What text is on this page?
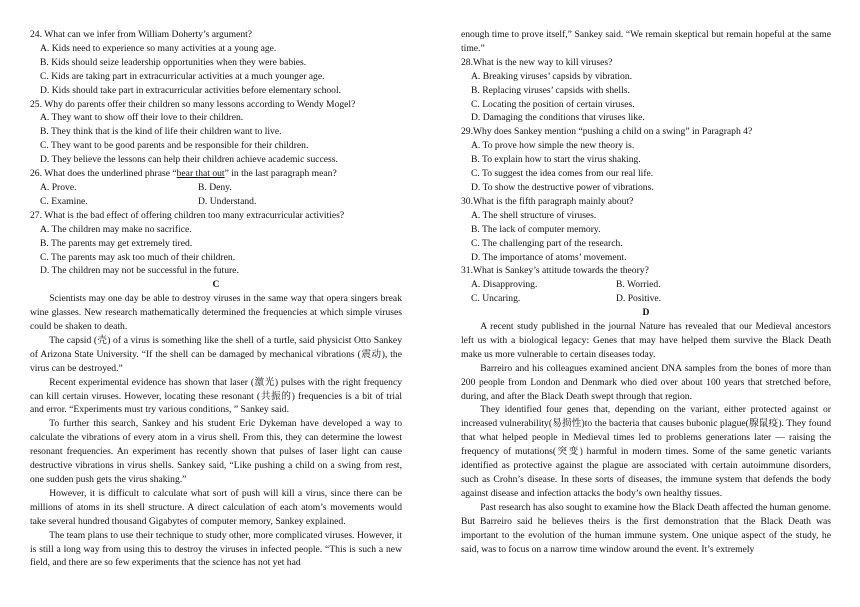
24. What can we infer from William Doherty’s argument?
A. Kids need to experience so many activities at a young age.
B. Kids should seize leadership opportunities when they were babies.
C. Kids are taking part in extracurricular activities at a much younger age.
D. Kids should take part in extracurricular activities before elementary school.
25. Why do parents offer their children so many lessons according to Wendy Mogel?
A. They want to show off their love to their children.
B. They think that is the kind of life their children want to live.
C. They want to be good parents and be responsible for their children.
D. They believe the lessons can help their children achieve academic success.
26. What does the underlined phrase “bear that out” in the last paragraph mean?
A. Prove.	B. Deny.
C. Examine.	D. Understand.
27. What is the bad effect of offering children too many extracurricular activities?
A. The children may make no sacrifice.
B. The parents may get extremely tired.
C. The parents may ask too much of their children.
D. The children may not be successful in the future.
C

Scientists may one day be able to destroy viruses in the same way that opera singers break wine glasses. New research mathematically determined the frequencies at which simple viruses could be shaken to death.

The capsid (壳) of a virus is something like the shell of a turtle, said physicist Otto Sankey of Arizona State University. “If the shell can be damaged by mechanical vibrations (震动), the virus can be destroyed.”

Recent experimental evidence has shown that laser (激光) pulses with the right frequency can kill certain viruses. However, locating these resonant (共振的) frequencies is a bit of trial and error. “Experiments must try various conditions, ” Sankey said.

To further this search, Sankey and his student Eric Dykeman have developed a way to calculate the vibrations of every atom in a virus shell. From this, they can determine the lowest resonant frequencies. An experiment has recently shown that pulses of laser light can cause destructive vibrations in virus shells. Sankey said, “Like pushing a child on a swing from rest, one sudden push gets the virus shaking.”

However, it is difficult to calculate what sort of push will kill a virus, since there can be millions of atoms in its shell structure. A direct calculation of each atom’s movements would take several hundred thousand Gigabytes of computer memory, Sankey explained.

The team plans to use their technique to study other, more complicated viruses. However, it is still a long way from using this to destroy the viruses in infected people. “This is such a new field, and there are so few experiments that the science has not yet had

enough time to prove itself,” Sankey said. “We remain skeptical but remain hopeful at the same time.”

28.What is the new way to kill viruses?
A. Breaking viruses’ capsids by vibration.
B. Replacing viruses’ capsids with shells.
C. Locating the position of certain viruses.
D. Damaging the conditions that viruses like.
29.Why does Sankey mention “pushing a child on a swing” in Paragraph 4?
A. To prove how simple the new theory is.
B. To explain how to start the virus shaking.
C. To suggest the idea comes from our real life.
D. To show the destructive power of vibrations.
30.What is the fifth paragraph mainly about?
A. The shell structure of viruses.
B. The lack of computer memory.
C. The challenging part of the research.
D. The importance of atoms’ movement.
31.What is Sankey’s attitude towards the theory?
A. Disapproving.	B. Worried.
C. Uncaring.	D. Positive.
D

A recent study published in the journal Nature has revealed that our Medieval ancestors left us with a biological legacy: Genes that may have helped them survive the Black Death make us more vulnerable to certain diseases today.

Barreiro and his colleagues examined ancient DNA samples from the bones of more than 200 people from London and Denmark who died over about 100 years that stretched before, during, and after the Black Death swept through that region.

They identified four genes that, depending on the variant, either protected against or increased vulnerability(易损性)to the bacteria that causes bubonic plague(腺鼠疫). They found that what helped people in Medieval times led to problems generations later — raising the frequency of mutations(突变) harmful in modern times. Some of the same genetic variants identified as protective against the plague are associated with certain autoimmune disorders, such as Crohn’s disease. In these sorts of diseases, the immune system that defends the body against disease and infection attacks the body’s own healthy tissues.

Past research has also sought to examine how the Black Death affected the human genome. But Barreiro said he believes theirs is the first demonstration that the Black Death was important to the evolution of the human immune system. One unique aspect of the study, he said, was to focus on a narrow time window around the event. It’s extremely
